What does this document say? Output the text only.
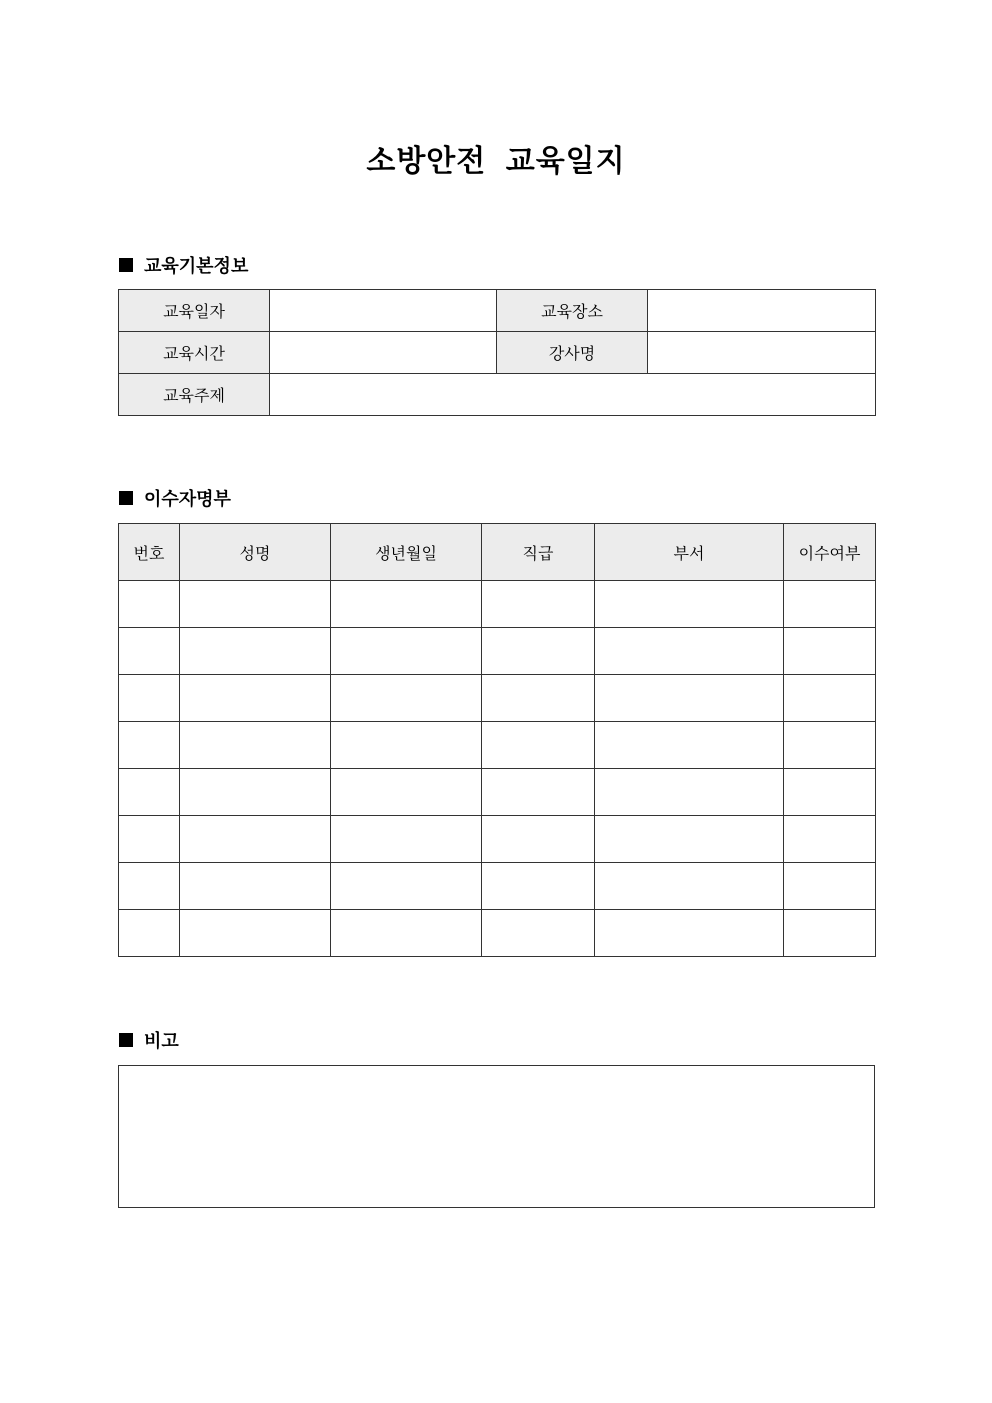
소방안전 교육일지
교육기본정보
교육일자		교육장소	
교육시간		강사명	
교육주제			
이수자명부
번호	성명	생년월일	직급	부서	이수여부

비고
